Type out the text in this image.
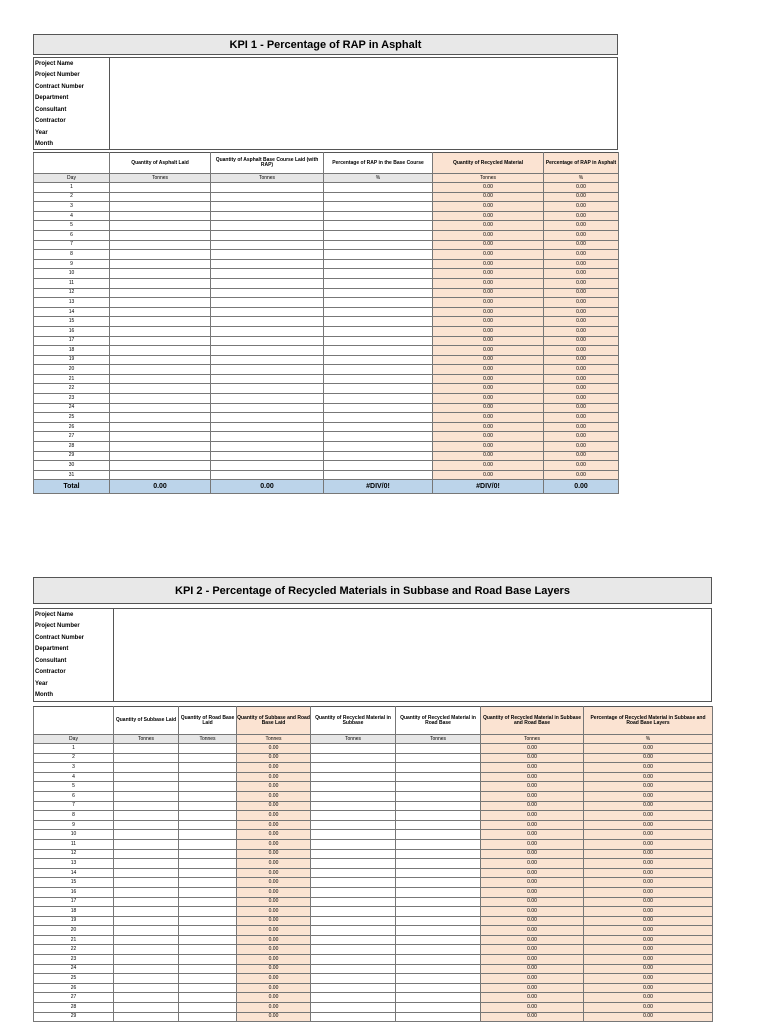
KPI 1 - Percentage of RAP in Asphalt
Project Name
Project Number
Contract Number
Department
Consultant
Contractor
Year
Month
	Quantity of Asphalt Laid	Quantity of Asphalt Base Course Laid (with RAP)	Percentage of RAP in the Base Course	Quantity of Recycled Material	Percentage of RAP in Asphalt
Day	Tonnes	Tonnes	%	Tonnes	%
1				0.00	0.00
2				0.00	0.00
3				0.00	0.00
4				0.00	0.00
5				0.00	0.00
6				0.00	0.00
7				0.00	0.00
8				0.00	0.00
9				0.00	0.00
10				0.00	0.00
11				0.00	0.00
12				0.00	0.00
13				0.00	0.00
14				0.00	0.00
15				0.00	0.00
16				0.00	0.00
17				0.00	0.00
18				0.00	0.00
19				0.00	0.00
20				0.00	0.00
21				0.00	0.00
22				0.00	0.00
23				0.00	0.00
24				0.00	0.00
25				0.00	0.00
26				0.00	0.00
27				0.00	0.00
28				0.00	0.00
29				0.00	0.00
30				0.00	0.00
31				0.00	0.00
Total	0.00	0.00	#DIV/0!	#DIV/0!	0.00
KPI 2 - Percentage of Recycled Materials in Subbase and Road Base Layers
Project Name
Project Number
Contract Number
Department
Consultant
Contractor
Year
Month
	Quantity of Subbase Laid	Quantity of Road Base Laid	Quantity of Subbase and Road Base Laid	Quantity of Recycled Material in Subbase	Quantity of Recycled Material in Road Base	Quantity of Recycled Material in Subbase and Road Base	Percentage of Recycled Material in Subbase and Road Base Layers
Day	Tonnes	Tonnes	Tonnes	Tonnes	Tonnes	Tonnes	%
1			0.00			0.00	0.00
2			0.00			0.00	0.00
3			0.00			0.00	0.00
4			0.00			0.00	0.00
5			0.00			0.00	0.00
6			0.00			0.00	0.00
7			0.00			0.00	0.00
8			0.00			0.00	0.00
9			0.00			0.00	0.00
10			0.00			0.00	0.00
11			0.00			0.00	0.00
12			0.00			0.00	0.00
13			0.00			0.00	0.00
14			0.00			0.00	0.00
15			0.00			0.00	0.00
16			0.00			0.00	0.00
17			0.00			0.00	0.00
18			0.00			0.00	0.00
19			0.00			0.00	0.00
20			0.00			0.00	0.00
21			0.00			0.00	0.00
22			0.00			0.00	0.00
23			0.00			0.00	0.00
24			0.00			0.00	0.00
25			0.00			0.00	0.00
26			0.00			0.00	0.00
27			0.00			0.00	0.00
28			0.00			0.00	0.00
29			0.00			0.00	0.00
